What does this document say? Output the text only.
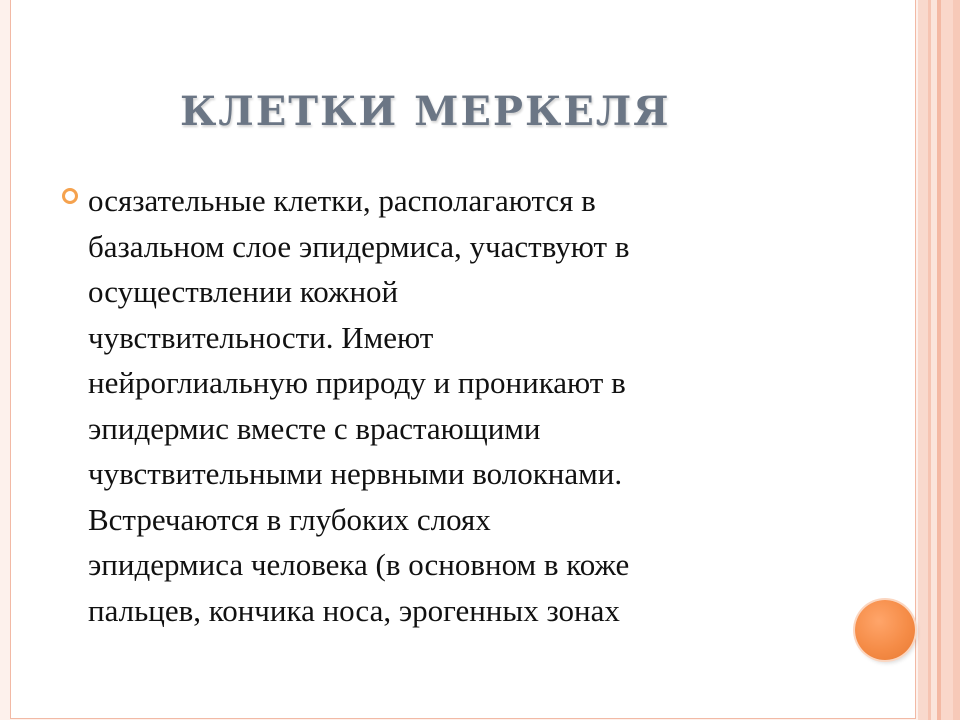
КЛЕТКИ МЕРКЕЛЯ
осязательные клетки, располагаются в
базальном слое эпидермиса, участвуют в
осуществлении кожной
чувствительности. Имеют
нейроглиальную природу и проникают в
эпидермис вместе с врастающими
чувствительными нервными волокнами.
Встречаются в глубоких слоях
эпидермиса человека (в основном в коже
пальцев, кончика носа, эрогенных зонах
